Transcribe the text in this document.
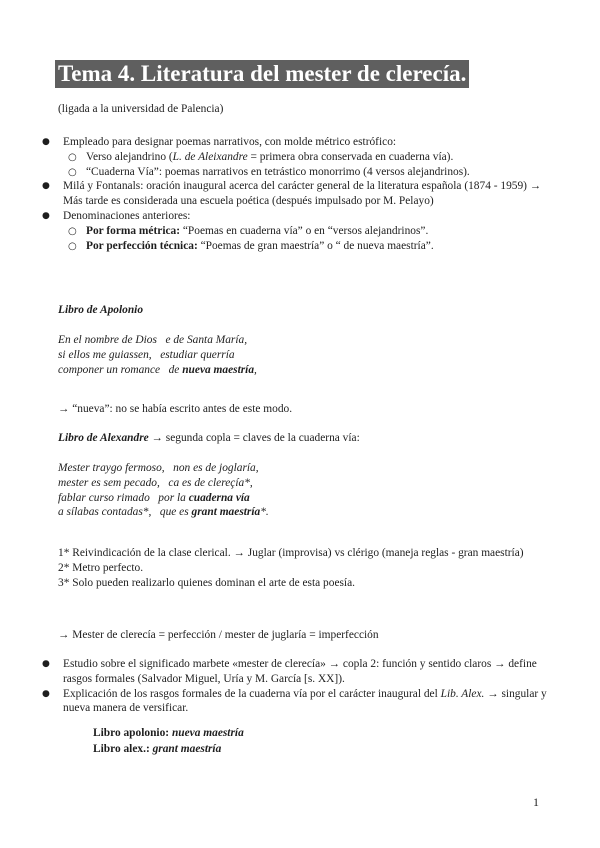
Tema 4. Literatura del mester de clerecía.
(ligada a la universidad de Palencia)
● Empleado para designar poemas narrativos, con molde métrico estrófico:
○ Verso alejandrino (L. de Aleixandre = primera obra conservada en cuaderna vía).
○ “Cuaderna Vía”: poemas narrativos en tetrástico monorrimo (4 versos alejandrinos).
● Milá y Fontanals: oración inaugural acerca del carácter general de la literatura española (1874 - 1959) → Más tarde es considerada una escuela poética (después impulsado por M. Pelayo)
● Denominaciones anteriores:
○ Por forma métrica: “Poemas en cuaderna vía” o en “versos alejandrinos”.
○ Por perfección técnica: “Poemas de gran maestría” o “ de nueva maestría”.
Libro de Apolonio
En el nombre de Dios   e de Santa María,
si ellos me guiassen,   estudiar querría
componer un romance   de nueva maestría,
→ “nueva”: no se había escrito antes de este modo.
Libro de Alexandre → segunda copla = claves de la cuaderna vía:
Mester traygo fermoso,   non es de joglaría,
mester es sem pecado,   ca es de clereçía*,
fablar curso rimado   por la cuaderna vía
a sílabas contadas*,   que es grant maestría*.
1* Reivindicación de la clase clerical. → Juglar (improvisa) vs clérigo (maneja reglas - gran maestría)
2* Metro perfecto.
3* Solo pueden realizarlo quienes dominan el arte de esta poesía.
→ Mester de clerecía = perfección / mester de juglaría = imperfección
● Estudio sobre el significado marbete «mester de clerecía» → copla 2: función y sentido claros → define rasgos formales (Salvador Miguel, Uría y M. García [s. XX]).
● Explicación de los rasgos formales de la cuaderna vía por el carácter inaugural del Lib. Alex. → singular y nueva manera de versificar.
Libro apolonio: nueva maestría
Libro alex.: grant maestría
1
